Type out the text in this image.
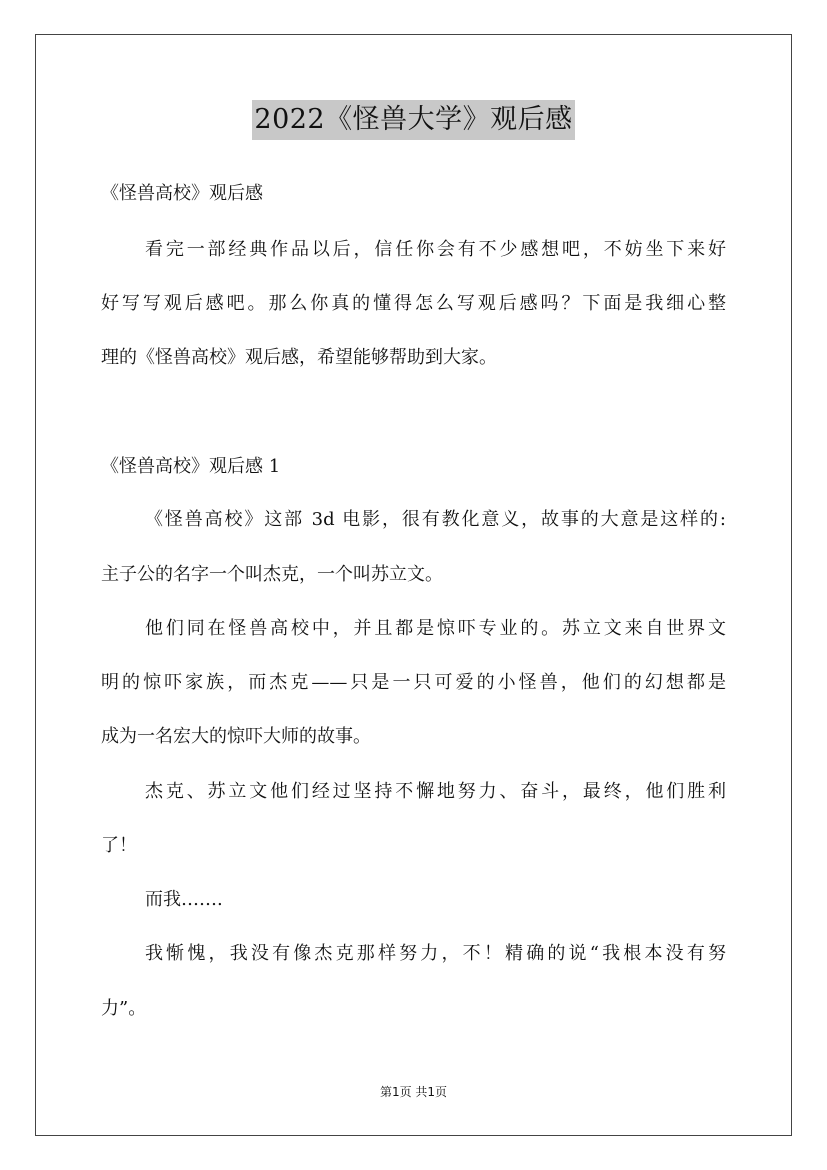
2022《怪兽大学》观后感
《怪兽高校》观后感
看完一部经典作品以后，信任你会有不少感想吧，不妨坐下来好
好写写观后感吧。那么你真的懂得怎么写观后感吗？下面是我细心整
理的《怪兽高校》观后感，希望能够帮助到大家。
《怪兽高校》观后感 1
《怪兽高校》这部 3d 电影，很有教化意义，故事的大意是这样的:
主子公的名字一个叫杰克，一个叫苏立文。
他们同在怪兽高校中，并且都是惊吓专业的。苏立文来自世界文
明的惊吓家族，而杰克——只是一只可爱的小怪兽，他们的幻想都是
成为一名宏大的惊吓大师的故事。
杰克、苏立文他们经过坚持不懈地努力、奋斗，最终，他们胜利
了！
而我…….
我惭愧，我没有像杰克那样努力，不！精确的说“我根本没有努
力”。
第1页 共1页
